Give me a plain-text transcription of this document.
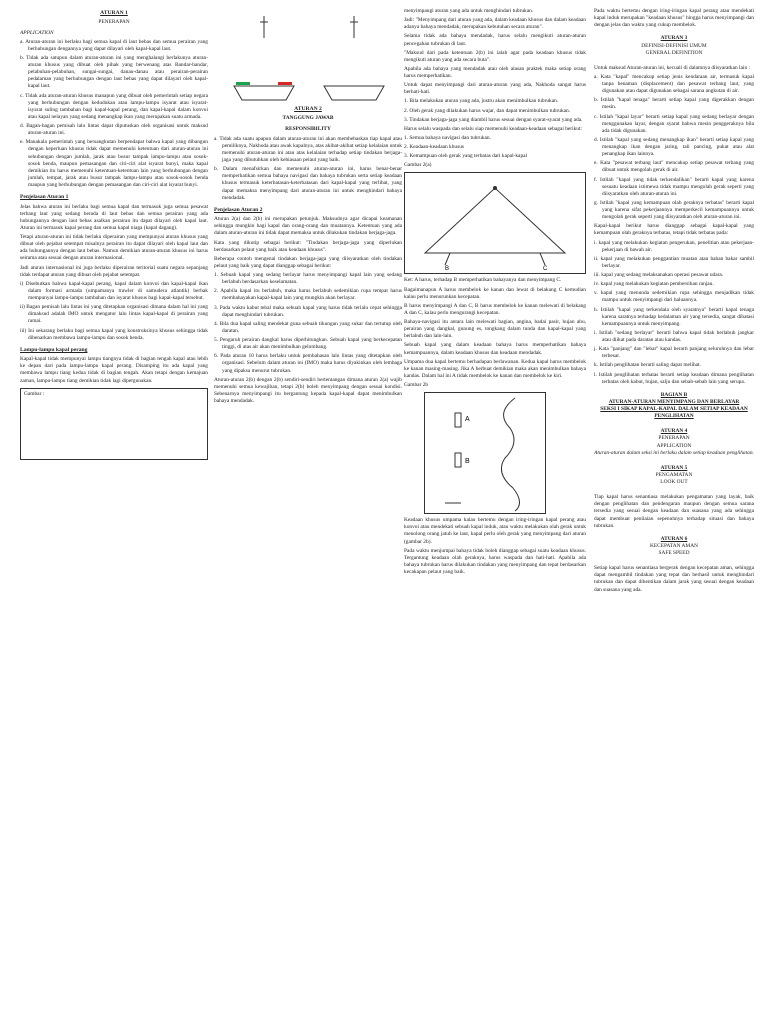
ATURAN 1
PENERAPAN

APPLICATION

a. Aturan-aturan ini berlaku bagi semua kapal di laut bebas dan semua perairan yang berhubungan dengannya yang dapat dilayari oleh kapal-kapal laut.

b. Tidak ada satupun dalam aturan-aturan ini yang menghalangi berlakunya aturan-aturan khusus yang dibuat oleh pihak yang berwenang atas Bandar-bandar, pelabuhan-pelabuhan, sungai-sungai, danau-danau atau perairan-perairan pedalaman yang berhubungan dengan laut bebas yang dapat dilayari oleh kapal-kapal laut.

c. Tidak ada aturan-aturan khusus manapun yang dibuat oleh pemerintah setiap negara yang berhubungan dengan kedudukan atau lampu-lampu isyarat atau isyarat-isyarat suling tambahan bagi kapal-kapal perang, dan kapal-kapal dalam konvoi atau kapal nelayan yang sedang menangkap ikan yang merupakan suatu armada.

d. Bagan-bagan pemisah lalu lintas dapat diputuskan oleh organisasi untuk maksud aturan-aturan ini.

e. Manakala pemerintah yang bersangkutan berpendapat bahwa kapal yang dibangun dengan keperluan khusus tidak dapat memenuhi ketentuan dari aturan-aturan ini sehubungan dengan jumlah, jarak atau busur tampak lampu-lampu atau sosok-sosok benda, maupun pemasangan dan ciri-ciri alat isyarat bunyi, maka kapal demikian itu harus memenuhi ketentuan-ketentuan lain yang berhubungan dengan jumlah, tempat, jarak atau busur tampak lampu-lampu atau sosok-sosok benda maupun yang berhubungan dengan pemasangan dan ciri-ciri alat isyarat bunyi.

Penjelasan Aturan 1

Jelas bahwa aturan ini berlaku bagi semua kapal dan termasuk juga semua pesawat terbang laut yang sedang berada di laut bebas dan semua perairan yang ada hubungannya dengan laut bebas asalkan perairan itu dapat dilayari oleh kapal laut. Aturan ini termasuk kapal perang dan semua kapal niaga (kapal dagang).

Tetapi aturan-aturan ini tidak berlaku diperairan yang mempunyai aturan khusus yang dibuat oleh pejabat setempat misalnya perairan itu dapat dilayari oleh kapal laut dan ada hubungannya dengan laut bebas. Namun demikian aturan-aturan khusus ini harus seirama atau sesuai dengan aturan internasional.

Jadi aturan internasional ini juga berlaku diperairan teritorial suatu negara sepanjang tidak terdapat aturan yang dibuat oleh pejabat setempat.

i) Disebutkan bahwa kapal-kapal perang, kapal dalam konvoi dan kapal-kapal ikan dalam formasi armada (umpamanya trawler di samudera atlantik) berhak mempunyai lampu-lampu tambahan dan isyarat khusus bagi kapal-kapal tersebut.

ii) Bagan pemisah lalu lintas ini yang ditetapkan organisasi dimana dalam hal ini yang dimaksud adalah IMO untuk mengatur lalu lintas kapal-kapal di perairan yang ramai.

iii) Ini sekarang berlaku bagi semua kapal yang konstruksinya khusus sehingga tidak dibenarkan membawa lampu-lampu dan sosok benda.

Lampu-lampu kapal perang

Kapal-kapal tidak mempunyai lampu tiangnya tidak di bagian tengah kapal atau lebih ke depan dari pada lampu-lampu kapal perang. Disamping itu ada kapal yang membawa lampu tiang kedua tidak di bagian tengah. Akan tetapi dengan kemajuan zaman, lampu-lampu tiang demikian tidak lagi dipergunakan.

Gambar :
ATURAN 2
TANGGUNG JAWAB
RESPONSIBILITY

a. Tidak ada suatu apapun dalam aturan-aturan ini akan membebaskan tiap kapal atau pemiliknya, Nakhoda atau awak kapalnya, atas akibat-akibat setiap kelalaian untuk memenuhi aturan-aturan ini atau atas kelalaian terhadap setiap tindakan berjaga-jaga yang dibutuhkan oleh kebiasaan pelaut yang baik.

b. Dalam menafsirkan dan memenuhi aturan-aturan ini, harus benar-benar memperhatikan semua bahaya navigasi dan bahaya tubrukan serta setiap keadaan khusus termasuk keterbatasan-keterbatasan dari kapal-kapal yang terlibat, yang dapat memaksa menyimpang dari aturan-aturan ini untuk menghindari bahaya mendadak.

Penjelasan Aturan 2

Aturan 2(a) dan 2(b) ini merupakan petunjuk. Maksudnya agar dicapai keamanan sehingga mungkin bagi kapal dan orang-orang dan muatannya. Ketentuan yang ada dalam aturan-aturan ini tidak dapat memaksa untuk dilakukan tindakan berjaga-jaga.

Kata yang dikutip sebagai berikut: "Tindakan berjaga-jaga yang diperlukan berdasarkan pelaut yang baik atau keadaan khusus".

Beberapa contoh mengenai tindakan berjaga-jaga yang diisyaratkan oleh tindakan pelaut yang baik yang dapat dianggap sebagai berikut:

1. Sebuah kapal yang sedang berlayar harus menyimpangi kapal lain yang sedang berlabuh berdasarkan keselamatan.

2. Apabila kapal itu berlabuh, maka harus berlabuh sedemikian rupa tempat harus membahayakan kapal-kapal lain yang mungkin akan berlayar.

3. Pada waktu kabut tebal maka sebuah kapal yang harus tidak terlalu cepat sehingga dapat menghindari tubrukan.

4. Bila dua kapal saling mendekat guna sebuah tikungan yang sukar dan tertutup oleh daratan.

5. Pengaruh perairan dangkal harus diperhitungkan. Sebuah kapal yang berkecepatan tinggi, di atas air akan menimbulkan gelombang.

6. Pada aturan 10 harus berlaku untuk pembahasan lalu lintas yang ditetapkan oleh organisasi. Sebelum dalam aturan ini (IMO) maka harus diyakinkan oleh lembaga yang dipaksa menurut tubrukan.

Aturan-aturan 2(b) dengan 2(b) sendiri-sendiri bertentangan dimana aturan 2(a) wajib memenuhi semua kewajiban, tetapi 2(b) boleh menyimpang dengan sesuai kondisi. Sebenarnya menyimpangi itu bergantung kepada kapal-kapal dapat menimbulkan bahaya mendadak.

menyimpangi aturan yang ada untuk menghindari tubrukan.

Jadi: "Menyimpang dari aturan yang ada, dalam keadaan khusus dan dalam keadaan adanya bahaya mendadak, merupakan kebutuhan secara aturan".

Selama tidak ada bahaya mendadak, harus selalu mengikuti aturan-aturan pencegahan tubrukan di laut.

"Maksud dari pada ketentuan 2(b) ini ialah agar pada keadaan khusus tidak mengikuti aturan yang ada secara buta".

Apabila ada bahaya yang mendadak atau oleh alasan praktek maka setiap orang harus memperhatikan.

Untuk dapat menyimpangi dari aturan-aturan yang ada, Nakhoda sangat harus berhati-hati.

1. Bila melakukan aturan yang ada, justru akan menimbulkan tubrukan.

2. Oleh gerak yang dilakukan harus wajar, dan dapat menimbulkan tubrukan.

3. Tindakan berjaga-jaga yang diambil harus sesuai dengan syarat-syarat yang ada.

Harus selalu waspada dan selalu siap memenuhi keadaan-keadaan sebagai berikut:

1. Semua bahaya navigasi dan tubrukan.

2. Keadaan-keadaan khusus

3. Kemampuan oleh gerak yang terbatas dari kapal-kapal

Gambar 2(a)

B	C

Ket: A harus, terhadap B memperhatikan bahayanya dan menyimpang C.

Bagaimanapun A harus membelok ke kanan dan lewat di belakang C kemudian kalau perlu menurunkan kecepatan.

B harus menyimpangi A dan C, B harus membelok ke kanan melewati di belakang A dan C, kalau perlu mengurangi kecepatan.

Bahaya-navigasi itu antara lain melewati bagian, angina, badai pasir, hujan abu, perairan yang dangkal, gunung es, tongkang dalam tunda dan kapal-kapal yang berlabuh dan lain-lain.

Sebuah kapal yang dalam keadaan bahaya harus memperhatikan bahaya kemampuannya, dalam keadaan khusus dan keadaan mendadak.

Umpama dua kapal bertemu berhadapan berlawanan. Kedua kapal harus membelok ke kanan masing-masing. Jika A berbuat demikian maka akan menimbulkan bahaya kandas. Dalam hal ini A tidak membelok ke kanan dan membelok ke kiri.

Gambar 2b

A
B

Keadaan khusus umpama kalau bertemu dengan iring-iringan kapal perang atau konvoi atau mendekati sebuah kapal induk, atau waktu melakukan olah gerak untuk menolong orang jatuh ke laut, kapal perlu oleh gerak yang menyimpang dari aturan (gambar 2b).

Pada waktu menjumpai bahaya tidak boleh dianggap sebagai suatu keadaan khusus. Tergantung keadaan olah geraknya, harus waspada dan hati-hati. Apabila ada bahaya tubrukan harus dilakukan tindakan yang menyimpang dan tepat berdasarkan kecakapan pelaut yang baik.

Pada waktu bertemu dengan iring-iringan kapal perang atau mendekati kapal induk merupakan "keadaan khusus" hingga harus menyimpangi dan dengan jelas dan waktu yang cukup membelok.

ATURAN 3
DEFINISI-DEFINISI UMUM
GENERAL DEFINITION

Untuk maksud Aturan-aturan ini, kecuali di dalamnya diisyaratkan lain :

a. Kata "kapal" mencakup setiap jenis kendaraan air, termasuk kapal tanpa benaman (displacement) dan pesawat terbang laut, yang digunakan atau dapat digunakan sebagai sarana angkutan di air.

b. Istilah "kapal tenaga" berarti setiap kapal yang digerakkan dengan mesin.

c. Istilah "kapal layar" berarti setiap kapal yang sedang berlayar dengan menggunakan layar, dengan syarat bahwa mesin penggeraknya bila ada tidak digunakan.

d. Istilah "kapal yang sedang menangkap ikan" berarti setiap kapal yang menangkap ikan dengan jaring, tali pancing, pukat atau alat penangkap ikan lainnya.

e. Kata "pesawat terbang laut" mencakup setiap pesawat terbang yang dibuat untuk mengolah gerak di air.

f. Istilah "kapal yang tidak terkendalikan" berarti kapal yang karena sesuatu keadaan istimewa tidak mampu mengolah gerak seperti yang diisyaratkan oleh aturan-aturan ini.

g. Istilah "kapal yang kemampuan olah geraknya terbatas" berarti kapal yang karena sifat pekerjaannya memperkecil kemampuannya untuk mengolah gerak seperti yang diisyaratkan oleh aturan-aturan ini.

Kapal-kapal berikut harus dianggap sebagai kapal-kapal yang kemampuan olah geraknya terbatas, tetapi tidak terbatas pada:

i. kapal yang melakukan kegiatan pengerukan, penelitian atau pekerjaan-pekerjaan di bawah air.

ii. kapal yang melakukan penggantian muatan atau bahan bakar sambil berlayar.

iii. kapal yang sedang melaksanakan operasi pesawat udara.

iv. kapal yang melakukan kegiatan pembersihan ranjau.

v. kapal yang menunda sedemikian rupa sehingga menjadikan tidak mampu untuk menyimpangi dari haluannya.

h. Istilah "kapal yang terkendala oleh syaratnya" berarti kapal tenaga karena saratnya terhadap kedalaman air yang tersedia, sangat dibatasi kemampuannya untuk menyimpang.

i. Istilah "sedang berlayar" berarti bahwa kapal tidak berlabuh jangkar atau diikat pada daratan atau kandas.

j. Kata "panjang" dan "lebar" kapal berarti panjang seluruhnya dan lebar terbesar.

k. Istilah penglihatan berarti saling dapat melihat.

l. Istilah penglihatan terbatas berarti setiap keadaan dimana penglihatan terbatas oleh kabut, hujan, salju dan sebab-sebab lain yang serupa.

BAGIAN B
ATURAN-ATURAN MENYIMPANG DAN BERLAYAR
SEKSI I SIKAP KAPAL-KAPAL DALAM SETIAP KEADAAN PENGLIHATAN
ATURAN 4
PENERAPAN
APPLICATION
Aturan-aturan dalam seksi ini berlaku dalam setiap keadaan penglihatan.
ATURAN 5
PENGAMATAN
LOOK OUT

Tiap kapal harus senantiasa melakukan pengamatan yang layak, baik dengan penglihatan dan pendengaran maupun dengan semua sarana tersedia yang sesuai dengan keadaan dan suasana yang ada sehingga dapat membuat penilaian sepenuhnya terhadap situasi dan bahaya tubrukan.

ATURAN 6
KECEPATAN AMAN
SAFE SPEED

Setiap kapal harus senantiasa bergerak dengan kecepatan aman, sehingga dapat mengambil tindakan yang tepat dan berhasil untuk menghindari tubrukan dan dapat dihentikan dalam jarak yang sesuai dengan keadaan dan suasana yang ada.
